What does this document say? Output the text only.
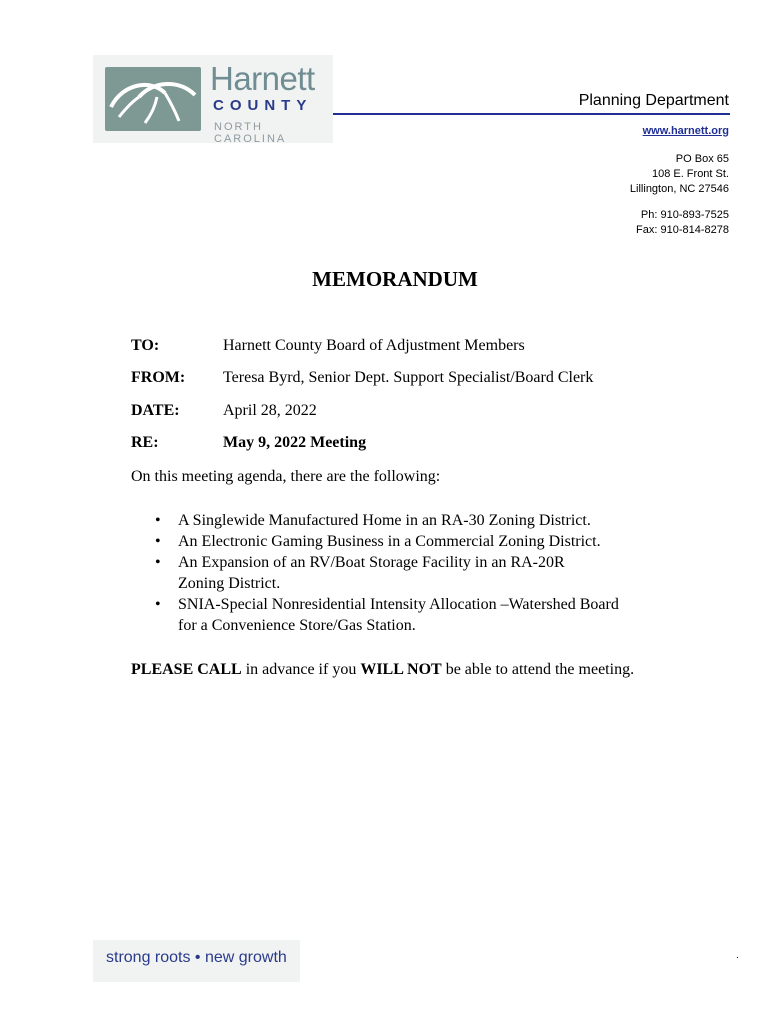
Harnett
COUNTY
NORTH CAROLINA
Planning Department
www.harnett.org
PO Box 65
108 E. Front St.
Lillington, NC 27546
Ph: 910-893-7525
Fax: 910-814-8278
MEMORANDUM
TO:	Harnett County Board of Adjustment Members
FROM: Teresa Byrd, Senior Dept. Support Specialist/Board Clerk
DATE:	April 28, 2022
RE:	May 9, 2022 Meeting
On this meeting agenda, there are the following:
• A Singlewide Manufactured Home in an RA-30 Zoning District.
• An Electronic Gaming Business in a Commercial Zoning District.
• An Expansion of an RV/Boat Storage Facility in an RA-20R Zoning District.
• SNIA-Special Nonresidential Intensity Allocation –Watershed Board for a Convenience Store/Gas Station.
PLEASE CALL in advance if you WILL NOT be able to attend the meeting.
strong roots • new growth	.
